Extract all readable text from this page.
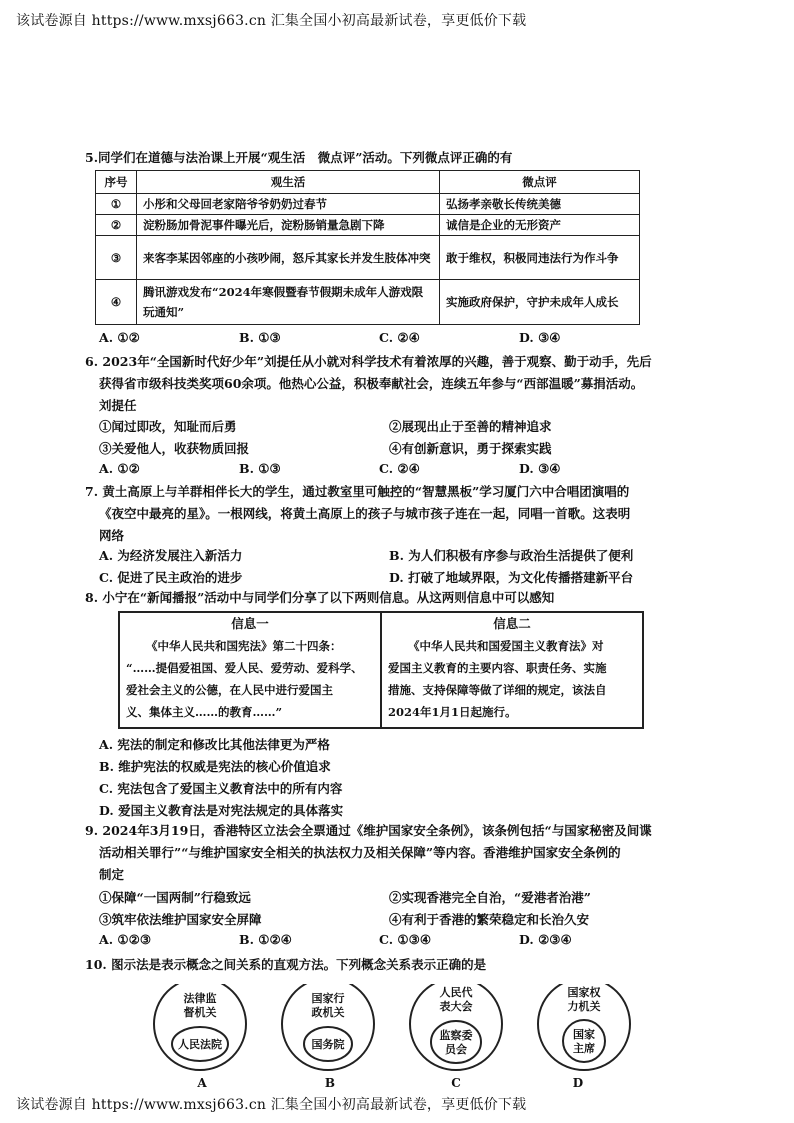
该试卷源自 https://www.mxsj663.cn 汇集全国小初高最新试卷，享更低价下载
5.同学们在道德与法治课上开展“观生活　微点评”活动。下列微点评正确的有
序号	观生活	微点评
①	小彤和父母回老家陪爷爷奶奶过春节	弘扬孝亲敬长传统美德
②	淀粉肠加骨泥事件曝光后，淀粉肠销量急剧下降	诚信是企业的无形资产
③	来客李某因邻座的小孩吵闹，怒斥其家长并发生肢体冲突	敢于维权，积极同违法行为作斗争
④	腾讯游戏发布“2024年寒假暨春节假期未成年人游戏限玩通知”	实施政府保护，守护未成年人成长
A. ①②	B. ①③	C. ②④	D. ③④
6. 2023年“全国新时代好少年”刘提任从小就对科学技术有着浓厚的兴趣，善于观察、勤于动手，先后
获得省市级科技类奖项60余项。他热心公益，积极奉献社会，连续五年参与“西部温暖”募捐活动。
刘提任
①闻过即改，知耻而后勇	②展现出止于至善的精神追求
③关爱他人，收获物质回报	④有创新意识，勇于探索实践
A. ①②	B. ①③	C. ②④	D. ③④
7. 黄土高原上与羊群相伴长大的学生，通过教室里可触控的“智慧黑板”学习厦门六中合唱团演唱的
《夜空中最亮的星》。一根网线，将黄土高原上的孩子与城市孩子连在一起，同唱一首歌。这表明
网络
A. 为经济发展注入新活力	B. 为人们积极有序参与政治生活提供了便利
C. 促进了民主政治的进步	D. 打破了地域界限，为文化传播搭建新平台
8. 小宁在“新闻播报”活动中与同学们分享了以下两则信息。从这两则信息中可以感知
信息一
《中华人民共和国宪法》第二十四条：
“……提倡爱祖国、爱人民、爱劳动、爱科学、
爱社会主义的公德，在人民中进行爱国主
义、集体主义……的教育……”
信息二
《中华人民共和国爱国主义教育法》对
爱国主义教育的主要内容、职责任务、实施
措施、支持保障等做了详细的规定，该法自
2024年1月1日起施行。
A. 宪法的制定和修改比其他法律更为严格
B. 维护宪法的权威是宪法的核心价值追求
C. 宪法包含了爱国主义教育法中的所有内容
D. 爱国主义教育法是对宪法规定的具体落实
9. 2024年3月19日，香港特区立法会全票通过《维护国家安全条例》，该条例包括“与国家秘密及间谍
活动相关罪行”“与维护国家安全相关的执法权力及相关保障”等内容。香港维护国家安全条例的
制定
①保障“一国两制”行稳致远	②实现香港完全自治，“爱港者治港”
③筑牢依法维护国家安全屏障	④有利于香港的繁荣稳定和长治久安
A. ①②③	B. ①②④	C. ①③④	D. ②③④
10. 图示法是表示概念之间关系的直观方法。下列概念关系表示正确的是
法律监
督机关
人民法院
A
国家行
政机关
国务院
B
人民代
表大会
监察委
员会
C
国家权
力机关
国家
主席
D
该试卷源自 https://www.mxsj663.cn 汇集全国小初高最新试卷，享更低价下载
